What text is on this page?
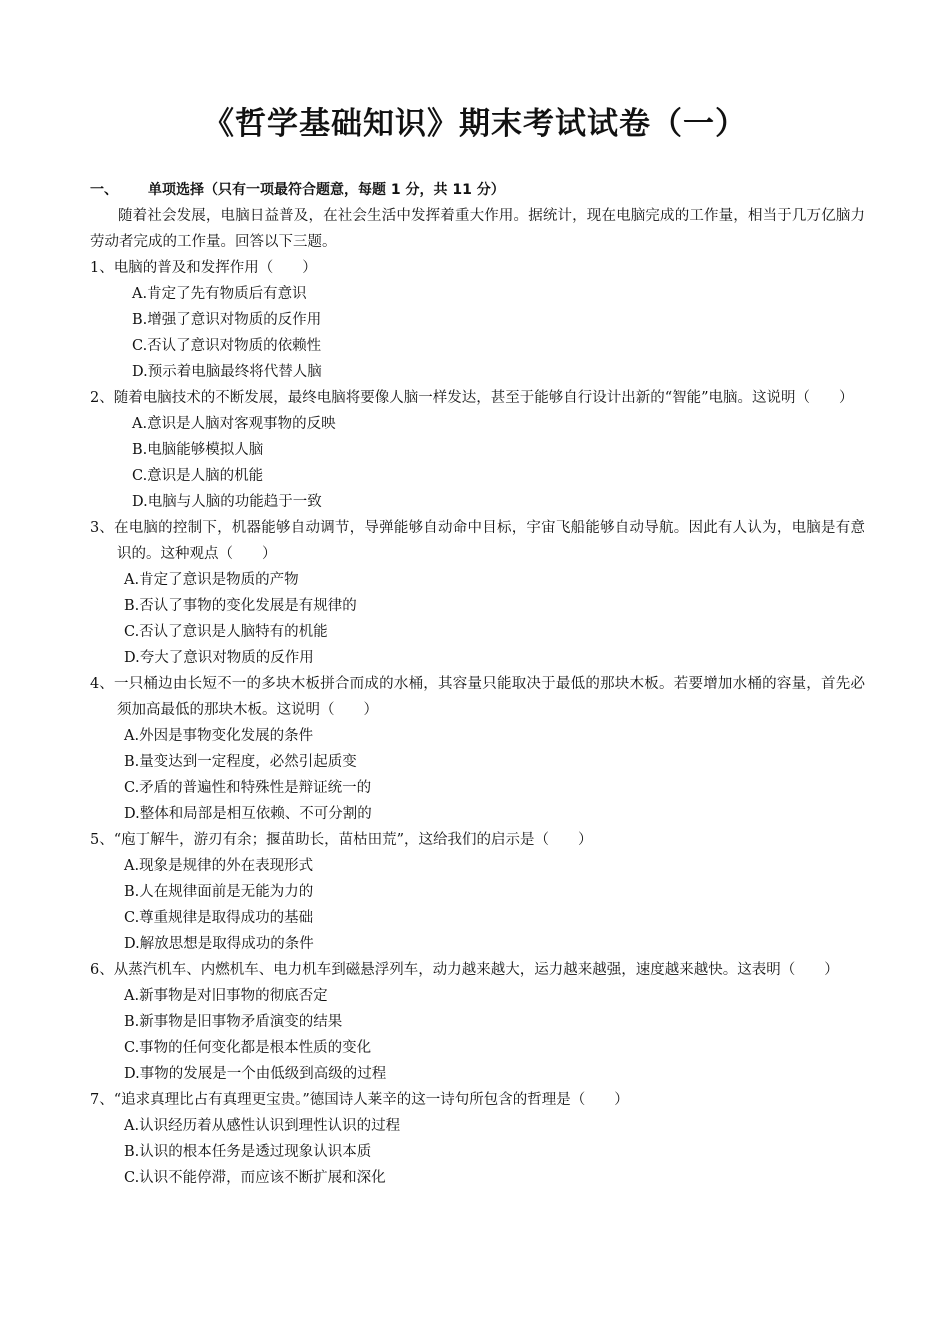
《哲学基础知识》期末考试试卷（一）
一、 单项选择（只有一项最符合题意，每题 1 分，共 11 分）
随着社会发展，电脑日益普及，在社会生活中发挥着重大作用。据统计，现在电脑完成的工作量，相当于几万亿脑力劳动者完成的工作量。回答以下三题。
1、电脑的普及和发挥作用（　　）
A.肯定了先有物质后有意识
B.增强了意识对物质的反作用
C.否认了意识对物质的依赖性
D.预示着电脑最终将代替人脑
2、随着电脑技术的不断发展，最终电脑将要像人脑一样发达，甚至于能够自行设计出新的“智能”电脑。这说明（　　）
A.意识是人脑对客观事物的反映
B.电脑能够模拟人脑
C.意识是人脑的机能
D.电脑与人脑的功能趋于一致
3、在电脑的控制下，机器能够自动调节，导弹能够自动命中目标，宇宙飞船能够自动导航。因此有人认为，电脑是有意识的。这种观点（　　）
A.肯定了意识是物质的产物
B.否认了事物的变化发展是有规律的
C.否认了意识是人脑特有的机能
D.夸大了意识对物质的反作用
4、一只桶边由长短不一的多块木板拼合而成的水桶，其容量只能取决于最低的那块木板。若要增加水桶的容量，首先必须加高最低的那块木板。这说明（　　）
A.外因是事物变化发展的条件
B.量变达到一定程度，必然引起质变
C.矛盾的普遍性和特殊性是辩证统一的
D.整体和局部是相互依赖、不可分割的
5、“庖丁解牛，游刃有余；揠苗助长，苗枯田荒”，这给我们的启示是（　　）
A.现象是规律的外在表现形式
B.人在规律面前是无能为力的
C.尊重规律是取得成功的基础
D.解放思想是取得成功的条件
6、从蒸汽机车、内燃机车、电力机车到磁悬浮列车，动力越来越大，运力越来越强，速度越来越快。这表明（　　）
A.新事物是对旧事物的彻底否定
B.新事物是旧事物矛盾演变的结果
C.事物的任何变化都是根本性质的变化
D.事物的发展是一个由低级到高级的过程
7、“追求真理比占有真理更宝贵。”德国诗人莱辛的这一诗句所包含的哲理是（　　）
A.认识经历着从感性认识到理性认识的过程
B.认识的根本任务是透过现象认识本质
C.认识不能停滞，而应该不断扩展和深化
